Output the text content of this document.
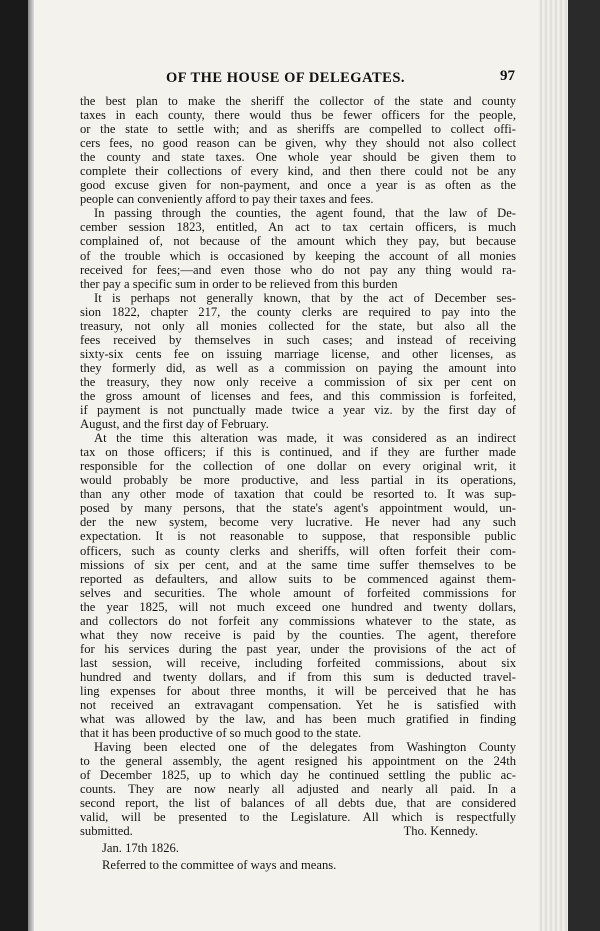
OF THE HOUSE OF DELEGATES.	97
the best plan to make the sheriff the collector of the state and county
taxes in each county, there would thus be fewer officers for the people,
or the state to settle with; and as sheriffs are compelled to collect offi-
cers fees, no good reason can be given, why they should not also collect
the county and state taxes. One whole year should be given them to
complete their collections of every kind, and then there could not be any
good excuse given for non-payment, and once a year is as often as the
people can conveniently afford to pay their taxes and fees.
In passing through the counties, the agent found, that the law of De-
cember session 1823, entitled, An act to tax certain officers, is much
complained of, not because of the amount which they pay, but because
of the trouble which is occasioned by keeping the account of all monies
received for fees;—and even those who do not pay any thing would ra-
ther pay a specific sum in order to be relieved from this burden
It is perhaps not generally known, that by the act of December ses-
sion 1822, chapter 217, the county clerks are required to pay into the
treasury, not only all monies collected for the state, but also all the
fees received by themselves in such cases; and instead of receiving
sixty-six cents fee on issuing marriage license, and other licenses, as
they formerly did, as well as a commission on paying the amount into
the treasury, they now only receive a commission of six per cent on
the gross amount of licenses and fees, and this commission is forfeited,
if payment is not punctually made twice a year viz. by the first day of
August, and the first day of February.
At the time this alteration was made, it was considered as an indirect
tax on those officers; if this is continued, and if they are further made
responsible for the collection of one dollar on every original writ, it
would probably be more productive, and less partial in its operations,
than any other mode of taxation that could be resorted to. It was sup-
posed by many persons, that the state's agent's appointment would, un-
der the new system, become very lucrative. He never had any such
expectation. It is not reasonable to suppose, that responsible public
officers, such as county clerks and sheriffs, will often forfeit their com-
missions of six per cent, and at the same time suffer themselves to be
reported as defaulters, and allow suits to be commenced against them-
selves and securities. The whole amount of forfeited commissions for
the year 1825, will not much exceed one hundred and twenty dollars,
and collectors do not forfeit any commissions whatever to the state, as
what they now receive is paid by the counties. The agent, therefore
for his services during the past year, under the provisions of the act of
last session, will receive, including forfeited commissions, about six
hundred and twenty dollars, and if from this sum is deducted travel-
ling expenses for about three months, it will be perceived that he has
not received an extravagant compensation. Yet he is satisfied with
what was allowed by the law, and has been much gratified in finding
that it has been productive of so much good to the state.
Having been elected one of the delegates from Washington County
to the general assembly, the agent resigned his appointment on the 24th
of December 1825, up to which day he continued settling the public ac-
counts. They are now nearly all adjusted and nearly all paid. In a
second report, the list of balances of all debts due, that are considered
valid, will be presented to the Legislature. All which is respectfully
submitted.	Tho. Kennedy.
Jan. 17th 1826.
Referred to the committee of ways and means.
